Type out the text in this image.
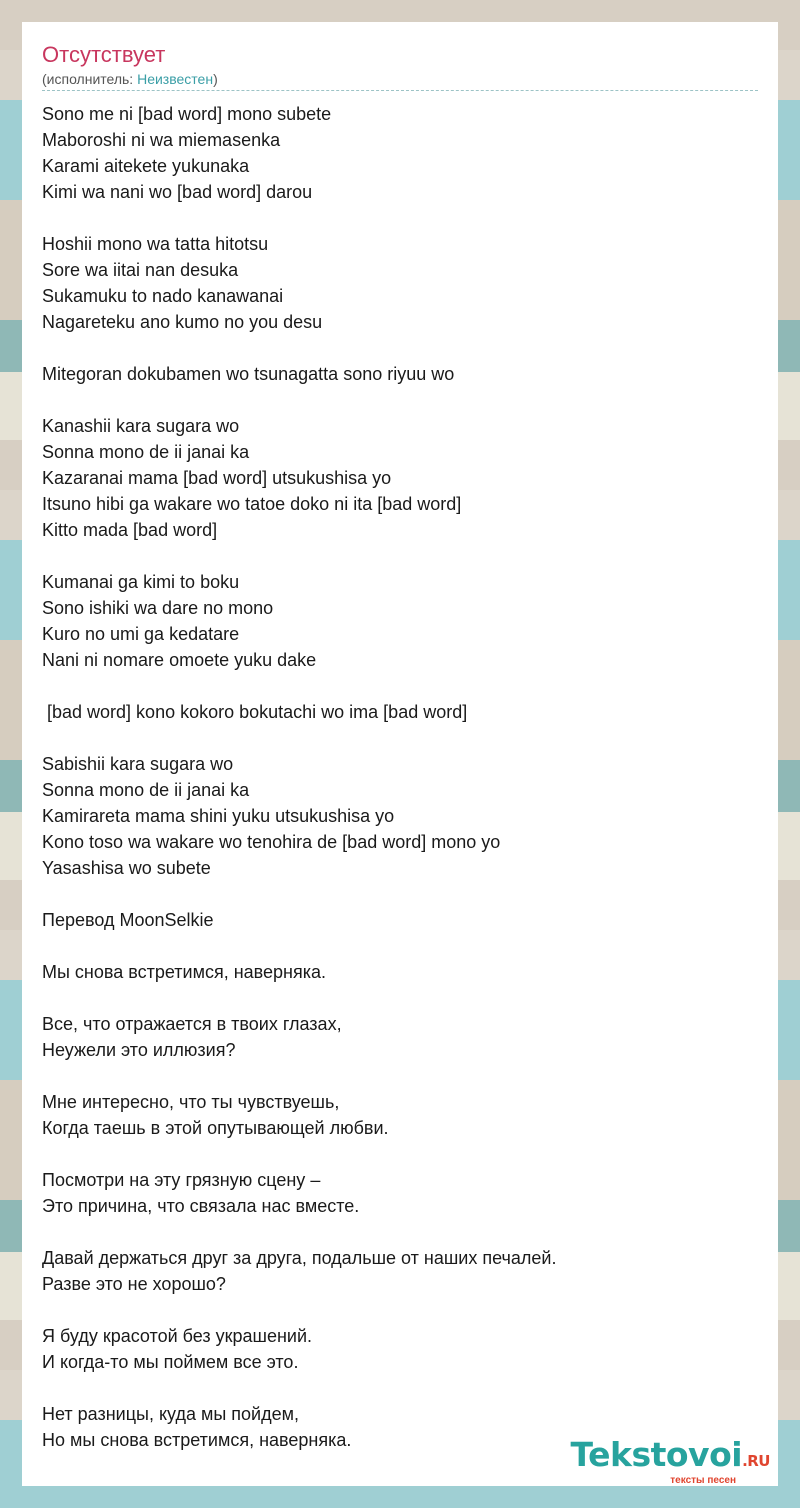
Отсутствует
(исполнитель: Неизвестен)
Sono me ni [bad word] mono subete
Maboroshi ni wa miemasenka
Karami aitekete yukunaka
Kimi wa nani wo [bad word] darou
Hoshii mono wa tatta hitotsu
Sore wa iitai nan desuka
Sukamuku to nado kanawanai
Nagareteku ano kumo no you desu
Mitegoran dokubamen wo tsunagatta sono riyuu wo
Kanashii kara sugara wo
Sonna mono de ii janai ka
Kazaranai mama [bad word] utsukushisa yo
Itsuno hibi ga wakare wo tatoe doko ni ita [bad word]
Kitto mada [bad word]
Kumanai ga kimi to boku
Sono ishiki wa dare no mono
Kuro no umi ga kedatare
Nani ni nomare omoete yuku dake
[bad word] kono kokoro bokutachi wo ima [bad word]
Sabishii kara sugara wo
Sonna mono de ii janai ka
Kamirareta mama shini yuku utsukushisa yo
Kono toso wa wakare wo tenohira de [bad word] mono yo
Yasashisa wo subete
Перевод MoonSelkie
Мы снова встретимся, наверняка.
Все, что отражается в твоих глазах,
Неужели это иллюзия?
Мне интересно, что ты чувствуешь,
Когда таешь в этой опутывающей любви.
Посмотри на эту грязную сцену –
Это причина, что связала нас вместе.
Давай держаться друг за друга, подальше от наших печалей.
Разве это не хорошо?
Я буду красотой без украшений.
И когда-то мы поймем все это.
Нет разницы, куда мы пойдем,
Но мы снова встретимся, наверняка.	Tekstovoi.RU
тексты песен
